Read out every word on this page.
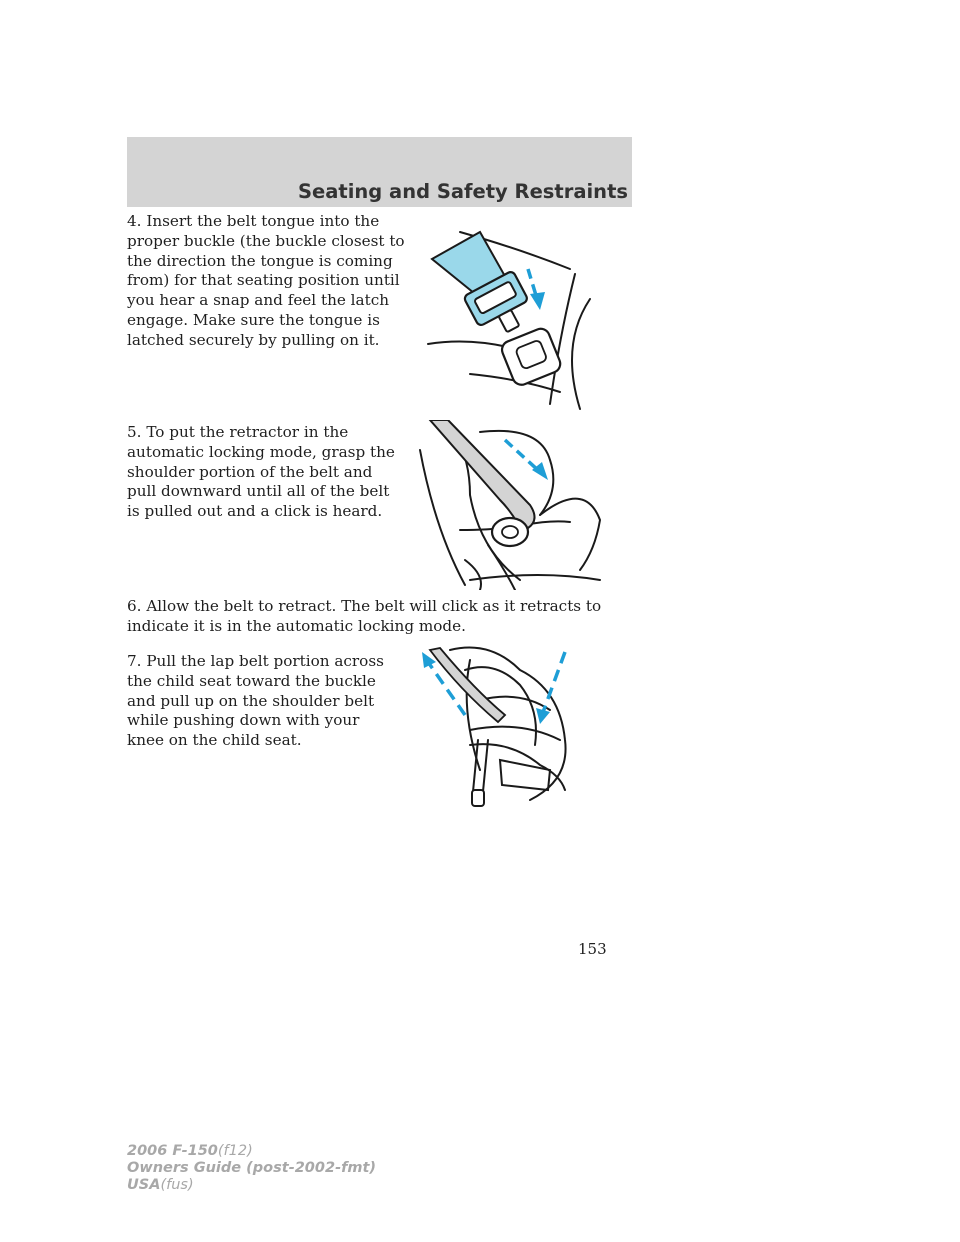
Seating and Safety Restraints

4. Insert the belt tongue into the proper buckle (the buckle closest to the direction the tongue is coming from) for that seating position until you hear a snap and feel the latch engage. Make sure the tongue is latched securely by pulling on it.

5. To put the retractor in the automatic locking mode, grasp the shoulder portion of the belt and pull downward until all of the belt is pulled out and a click is heard.

6. Allow the belt to retract. The belt will click as it retracts to indicate it is in the automatic locking mode.

7. Pull the lap belt portion across the child seat toward the buckle and pull up on the shoulder belt while pushing down with your knee on the child seat.

153
2006 F-150(f12)
Owners Guide (post-2002-fmt)
USA(fus)
